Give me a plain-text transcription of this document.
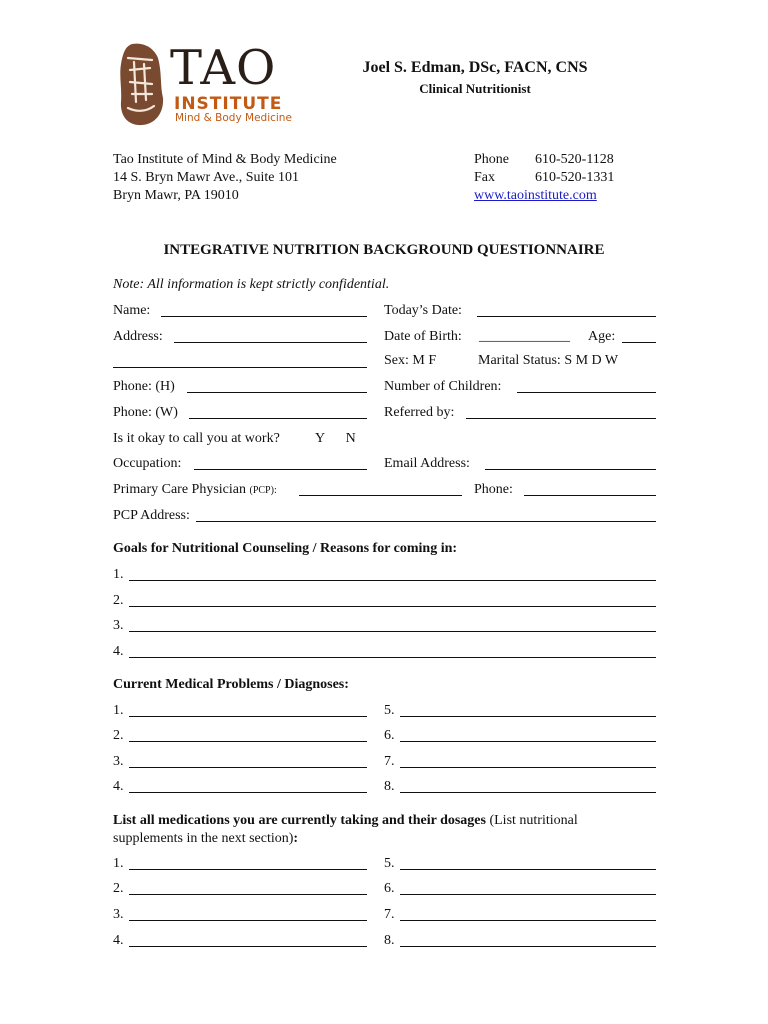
TAO
INSTITUTE
Mind & Body Medicine
Joel S. Edman, DSc, FACN, CNS
Clinical Nutritionist
Tao Institute of Mind & Body Medicine
14 S. Bryn Mawr Ave., Suite 101
Bryn Mawr, PA 19010
Phone 610-520-1128
Fax	610-520-1331
www.taoinstitute.com
INTEGRATIVE NUTRITION BACKGROUND QUESTIONNAIRE
Note: All information is kept strictly confidential.
Name:	Today’s Date:
Address:	Date of Birth: _____________ Age:
Sex: M F	Marital Status: S M D W
Phone: (H)	Number of Children:
Phone: (W)	Referred by:
Is it okay to call you at work?	Y      N
Occupation:	Email Address:
Primary Care Physician (PCP):	Phone:
PCP Address:
Goals for Nutritional Counseling / Reasons for coming in:
1.
2.
3.
4.
Current Medical Problems / Diagnoses:
1.
2.
3.
4.
5.
6.
7.
8.
List all medications you are currently taking and their dosages (List nutritional
supplements in the next section):
1.
2.
3.
4.
5.
6.
7.
8.
